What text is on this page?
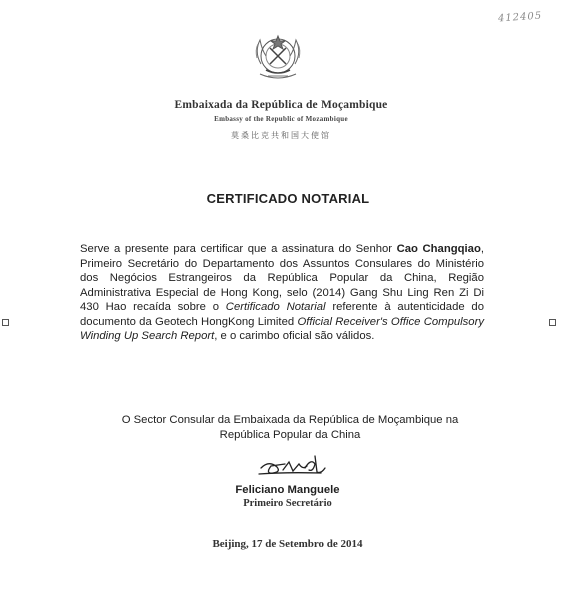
412405
Embaixada da República de Moçambique
Embassy of the Republic of Mozambique
莫桑比克共和国大使馆
CERTIFICADO NOTARIAL
Serve a presente para certificar que a assinatura do Senhor Cao Changqiao, Primeiro Secretário do Departamento dos Assuntos Consulares do Ministério dos Negócios Estrangeiros da República Popular da China, Região Administrativa Especial de Hong Kong, selo (2014) Gang Shu Ling Ren Zi Di 430 Hao recaída sobre o Certificado Notarial referente à autenticidade do documento da Geotech HongKong Limited Official Receiver's Office Compulsory Winding Up Search Report, e o carimbo oficial são válidos.
O Sector Consular da Embaixada da República de Moçambique na
República Popular da China
Feliciano Manguele
Primeiro Secretário
Beijing, 17 de Setembro de 2014
